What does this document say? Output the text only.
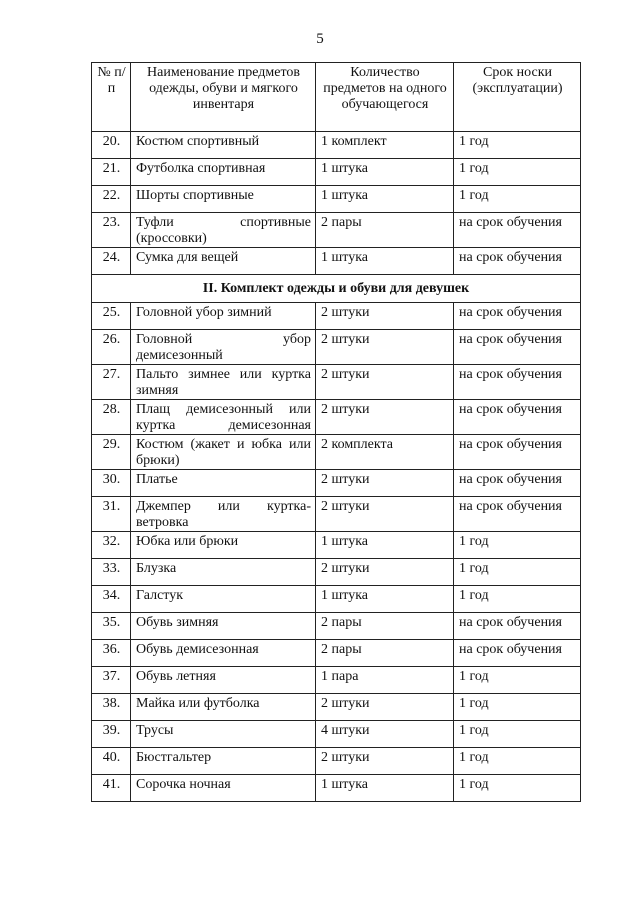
5
№ п/п	Наименование предметов одежды, обуви и мягкого инвентаря	Количество предметов на одного обучающегося	Срок носки (эксплуатации)
20.	Костюм спортивный	1 комплект	1 год
21.	Футболка спортивная	1 штука	1 год
22.	Шорты спортивные	1 штука	1 год
23.	Туфли спортивные (кроссовки)	2 пары	на срок обучения
24.	Сумка для вещей	1 штука	на срок обучения
II. Комплект одежды и обуви для девушек			
25.	Головной убор зимний	2 штуки	на срок обучения
26.	Головной убор демисезонный	2 штуки	на срок обучения
27.	Пальто зимнее или куртка зимняя	2 штуки	на срок обучения
28.	Плащ демисезонный или куртка демисезонная	2 штуки	на срок обучения
29.	Костюм (жакет и юбка или брюки)	2 комплекта	на срок обучения
30.	Платье	2 штуки	на срок обучения
31.	Джемпер или куртка-ветровка	2 штуки	на срок обучения
32.	Юбка или брюки	1 штука	1 год
33.	Блузка	2 штуки	1 год
34.	Галстук	1 штука	1 год
35.	Обувь зимняя	2 пары	на срок обучения
36.	Обувь демисезонная	2 пары	на срок обучения
37.	Обувь летняя	1 пара	1 год
38.	Майка или футболка	2 штуки	1 год
39.	Трусы	4 штуки	1 год
40.	Бюстгальтер	2 штуки	1 год
41.	Сорочка ночная	1 штука	1 год
